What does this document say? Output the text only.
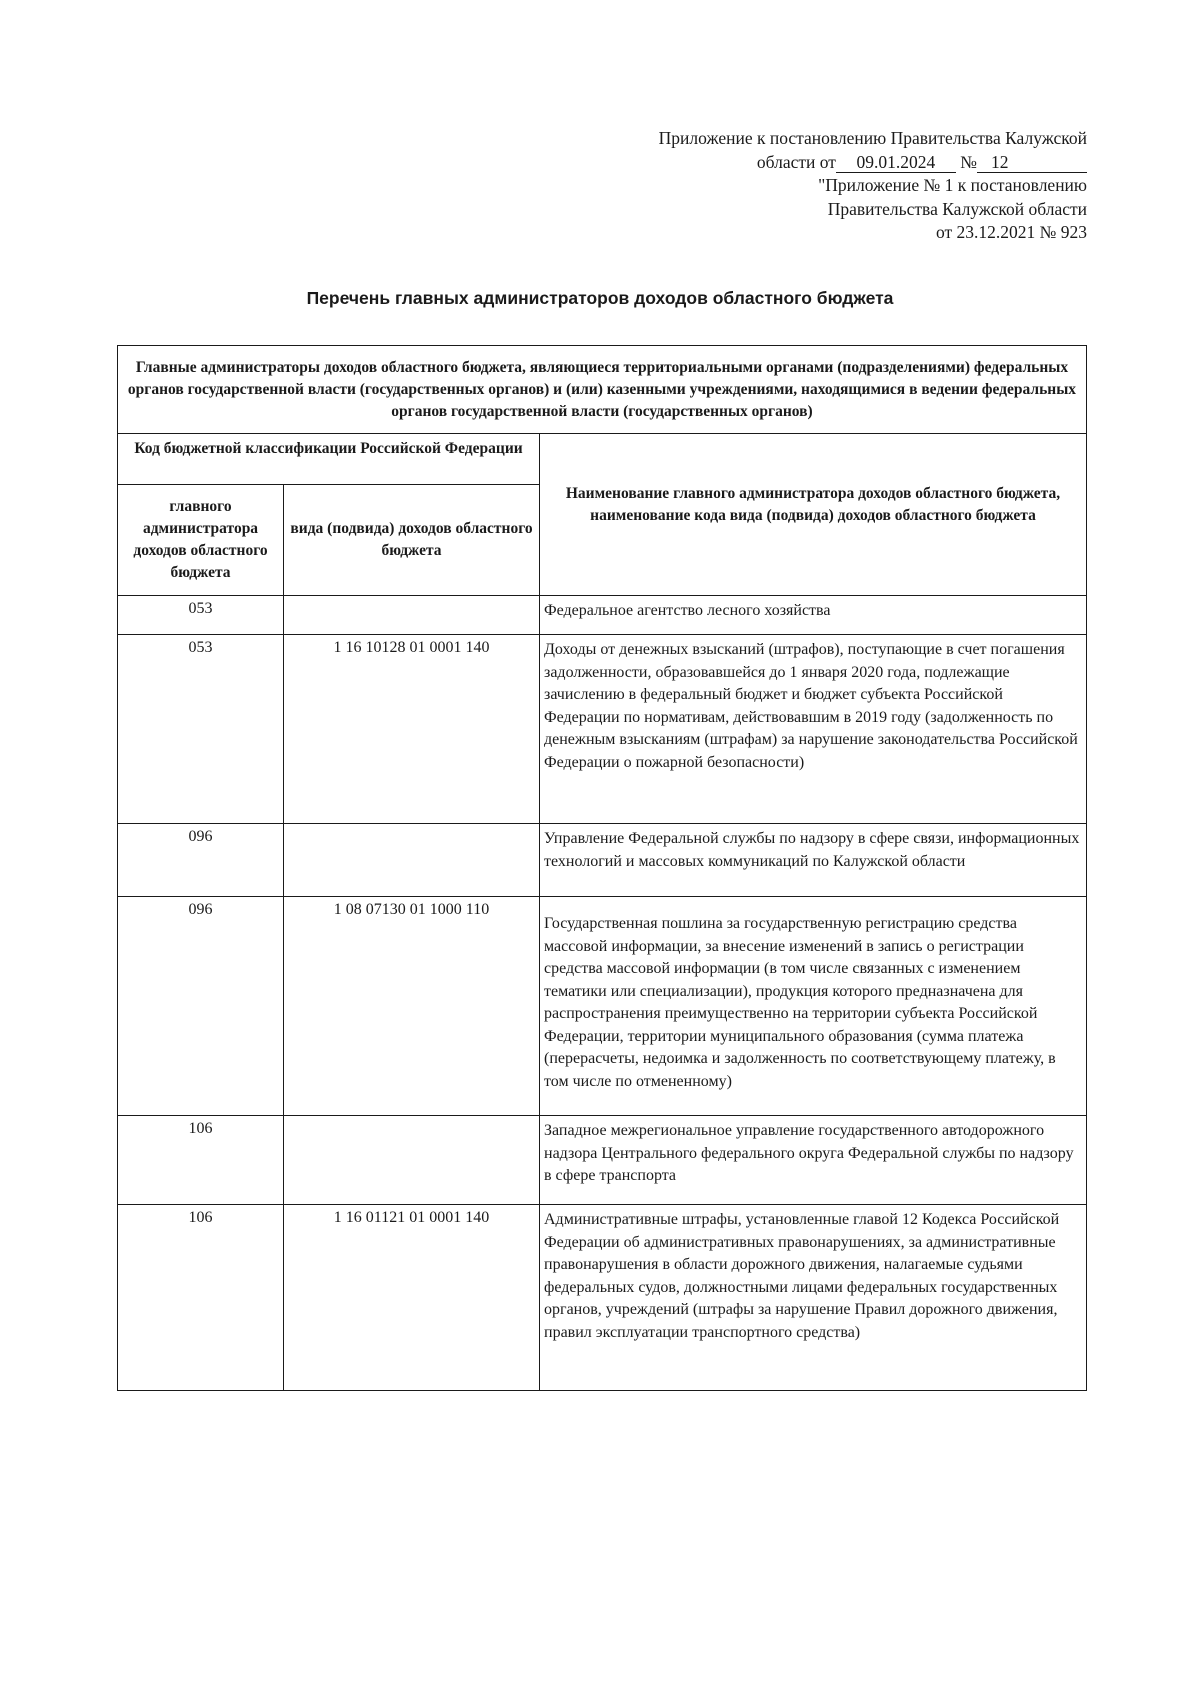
Приложение к постановлению Правительства Калужской
области от 09.01.2024 № 12
"Приложение № 1 к постановлению
Правительства Калужской области
от 23.12.2021 № 923
Перечень главных администраторов доходов областного бюджета
Главные администраторы доходов областного бюджета, являющиеся территориальными органами (подразделениями) федеральных органов государственной власти (государственных органов) и (или) казенными учреждениями, находящимися в ведении федеральных органов государственной власти (государственных органов)		
Код бюджетной классификации Российской Федерации		Наименование главного администратора доходов областного бюджета, наименование кода вида (подвида) доходов областного бюджета
главного администратора доходов областного бюджета	вида (подвида) доходов областного бюджета	
053		Федеральное агентство лесного хозяйства
053	1 16 10128 01 0001 140	Доходы от денежных взысканий (штрафов), поступающие в счет погашения задолженности, образовавшейся до 1 января 2020 года, подлежащие зачислению в федеральный бюджет и бюджет субъекта Российской Федерации по нормативам, действовавшим в 2019 году (задолженность по денежным взысканиям (штрафам) за нарушение законодательства Российской Федерации о пожарной безопасности)
096		Управление Федеральной службы по надзору в сфере связи, информационных технологий и массовых коммуникаций по Калужской области
096	1 08 07130 01 1000 110	Государственная пошлина за государственную регистрацию средства массовой информации, за внесение изменений в запись о регистрации средства массовой информации (в том числе связанных с изменением тематики или специализации), продукция которого предназначена для распространения преимущественно на территории субъекта Российской Федерации, территории муниципального образования (сумма платежа (перерасчеты, недоимка и задолженность по соответствующему платежу, в том числе по отмененному)
106		Западное межрегиональное управление государственного автодорожного надзора Центрального федерального округа Федеральной службы по надзору в сфере транспорта
106	1 16 01121 01 0001 140	Административные штрафы, установленные главой 12 Кодекса Российской Федерации об административных правонарушениях, за административные правонарушения в области дорожного движения, налагаемые судьями федеральных судов, должностными лицами федеральных государственных органов, учреждений (штрафы за нарушение Правил дорожного движения, правил эксплуатации транспортного средства)
